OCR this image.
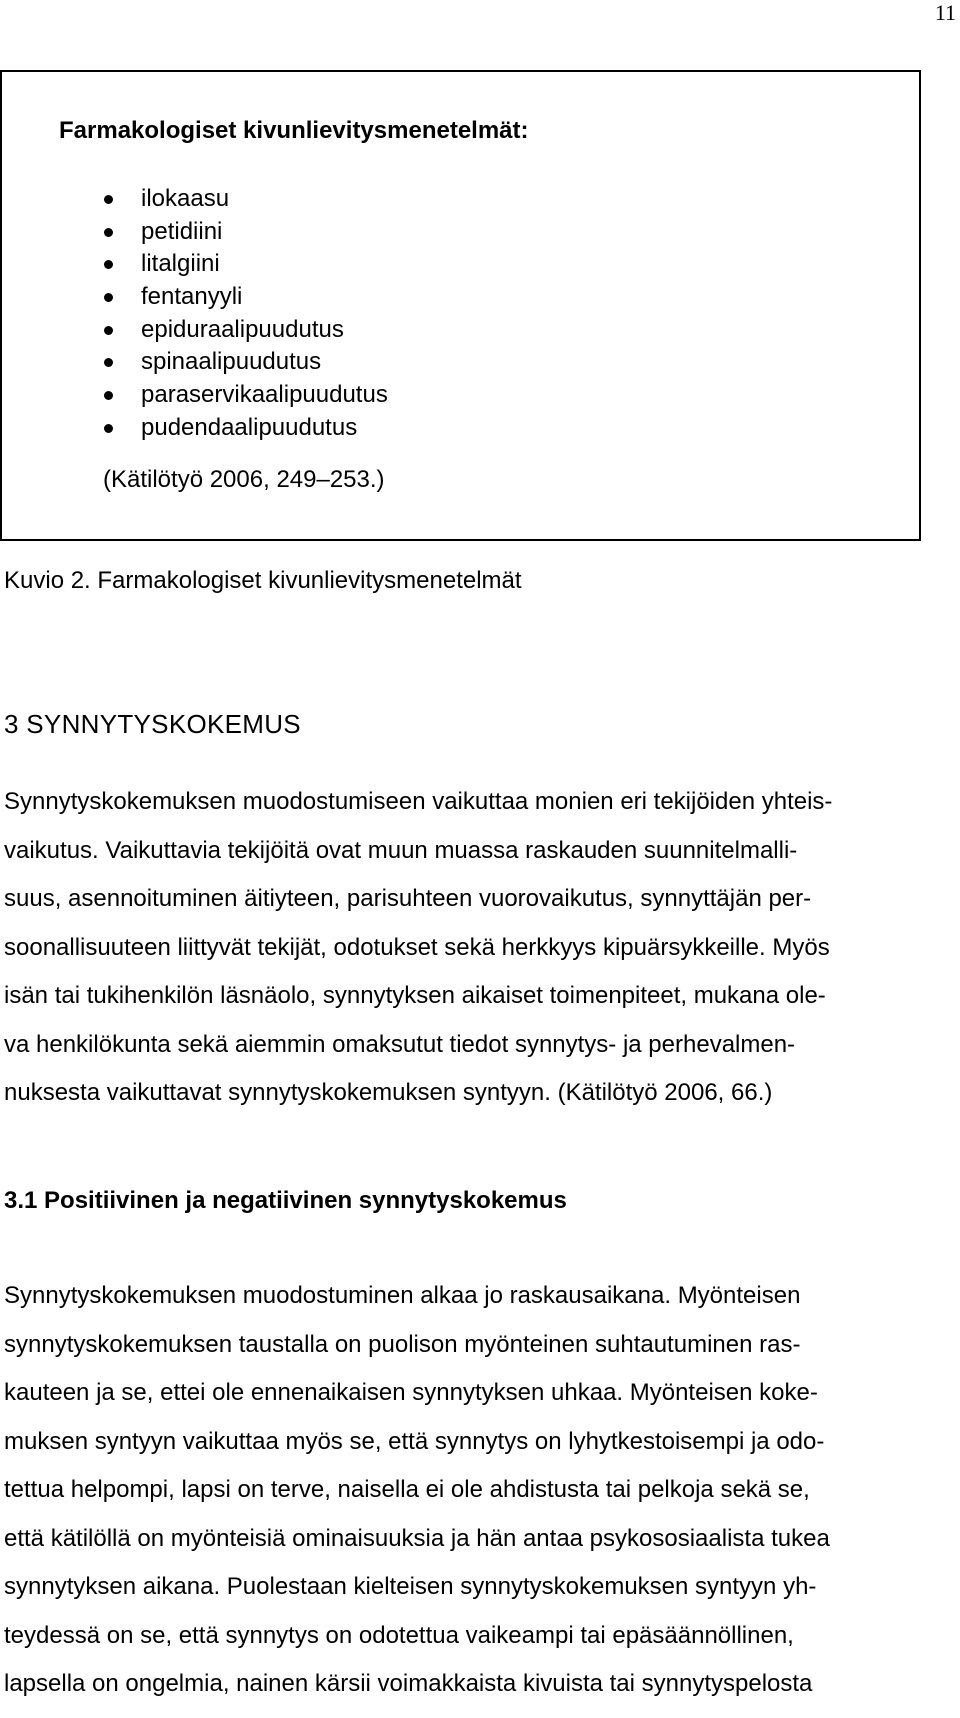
11

Farmakologiset kivunlievitysmenetelmät:

ilokaasu
petidiini
litalgiini
fentanyyli
epiduraalipuudutus
spinaalipuudutus
paraservikaalipuudutus
pudendaalipuudutus

(Kätilötyö 2006, 249–253.)

Kuvio 2. Farmakologiset kivunlievitysmenetelmät

3 SYNNYTYSKOKEMUS
Synnytyskokemuksen muodostumiseen vaikuttaa monien eri tekijöiden yhteis-
vaikutus. Vaikuttavia tekijöitä ovat muun muassa raskauden suunnitelmalli-
suus, asennoituminen äitiyteen, parisuhteen vuorovaikutus, synnyttäjän per-
soonallisuuteen liittyvät tekijät, odotukset sekä herkkyys kipuärsykkeille. Myös
isän tai tukihenkilön läsnäolo, synnytyksen aikaiset toimenpiteet, mukana ole-
va henkilökunta sekä aiemmin omaksutut tiedot synnytys- ja perhevalmen-
nuksesta vaikuttavat synnytyskokemuksen syntyyn. (Kätilötyö 2006, 66.)
3.1 Positiivinen ja negatiivinen synnytyskokemus
Synnytyskokemuksen muodostuminen alkaa jo raskausaikana. Myönteisen
synnytyskokemuksen taustalla on puolison myönteinen suhtautuminen ras-
kauteen ja se, ettei ole ennenaikaisen synnytyksen uhkaa. Myönteisen koke-
muksen syntyyn vaikuttaa myös se, että synnytys on lyhytkestoisempi ja odo-
tettua helpompi, lapsi on terve, naisella ei ole ahdistusta tai pelkoja sekä se,
että kätilöllä on myönteisiä ominaisuuksia ja hän antaa psykososiaalista tukea
synnytyksen aikana. Puolestaan kielteisen synnytyskokemuksen syntyyn yh-
teydessä on se, että synnytys on odotettua vaikeampi tai epäsäännöllinen,
lapsella on ongelmia, nainen kärsii voimakkaista kivuista tai synnytyspelosta
